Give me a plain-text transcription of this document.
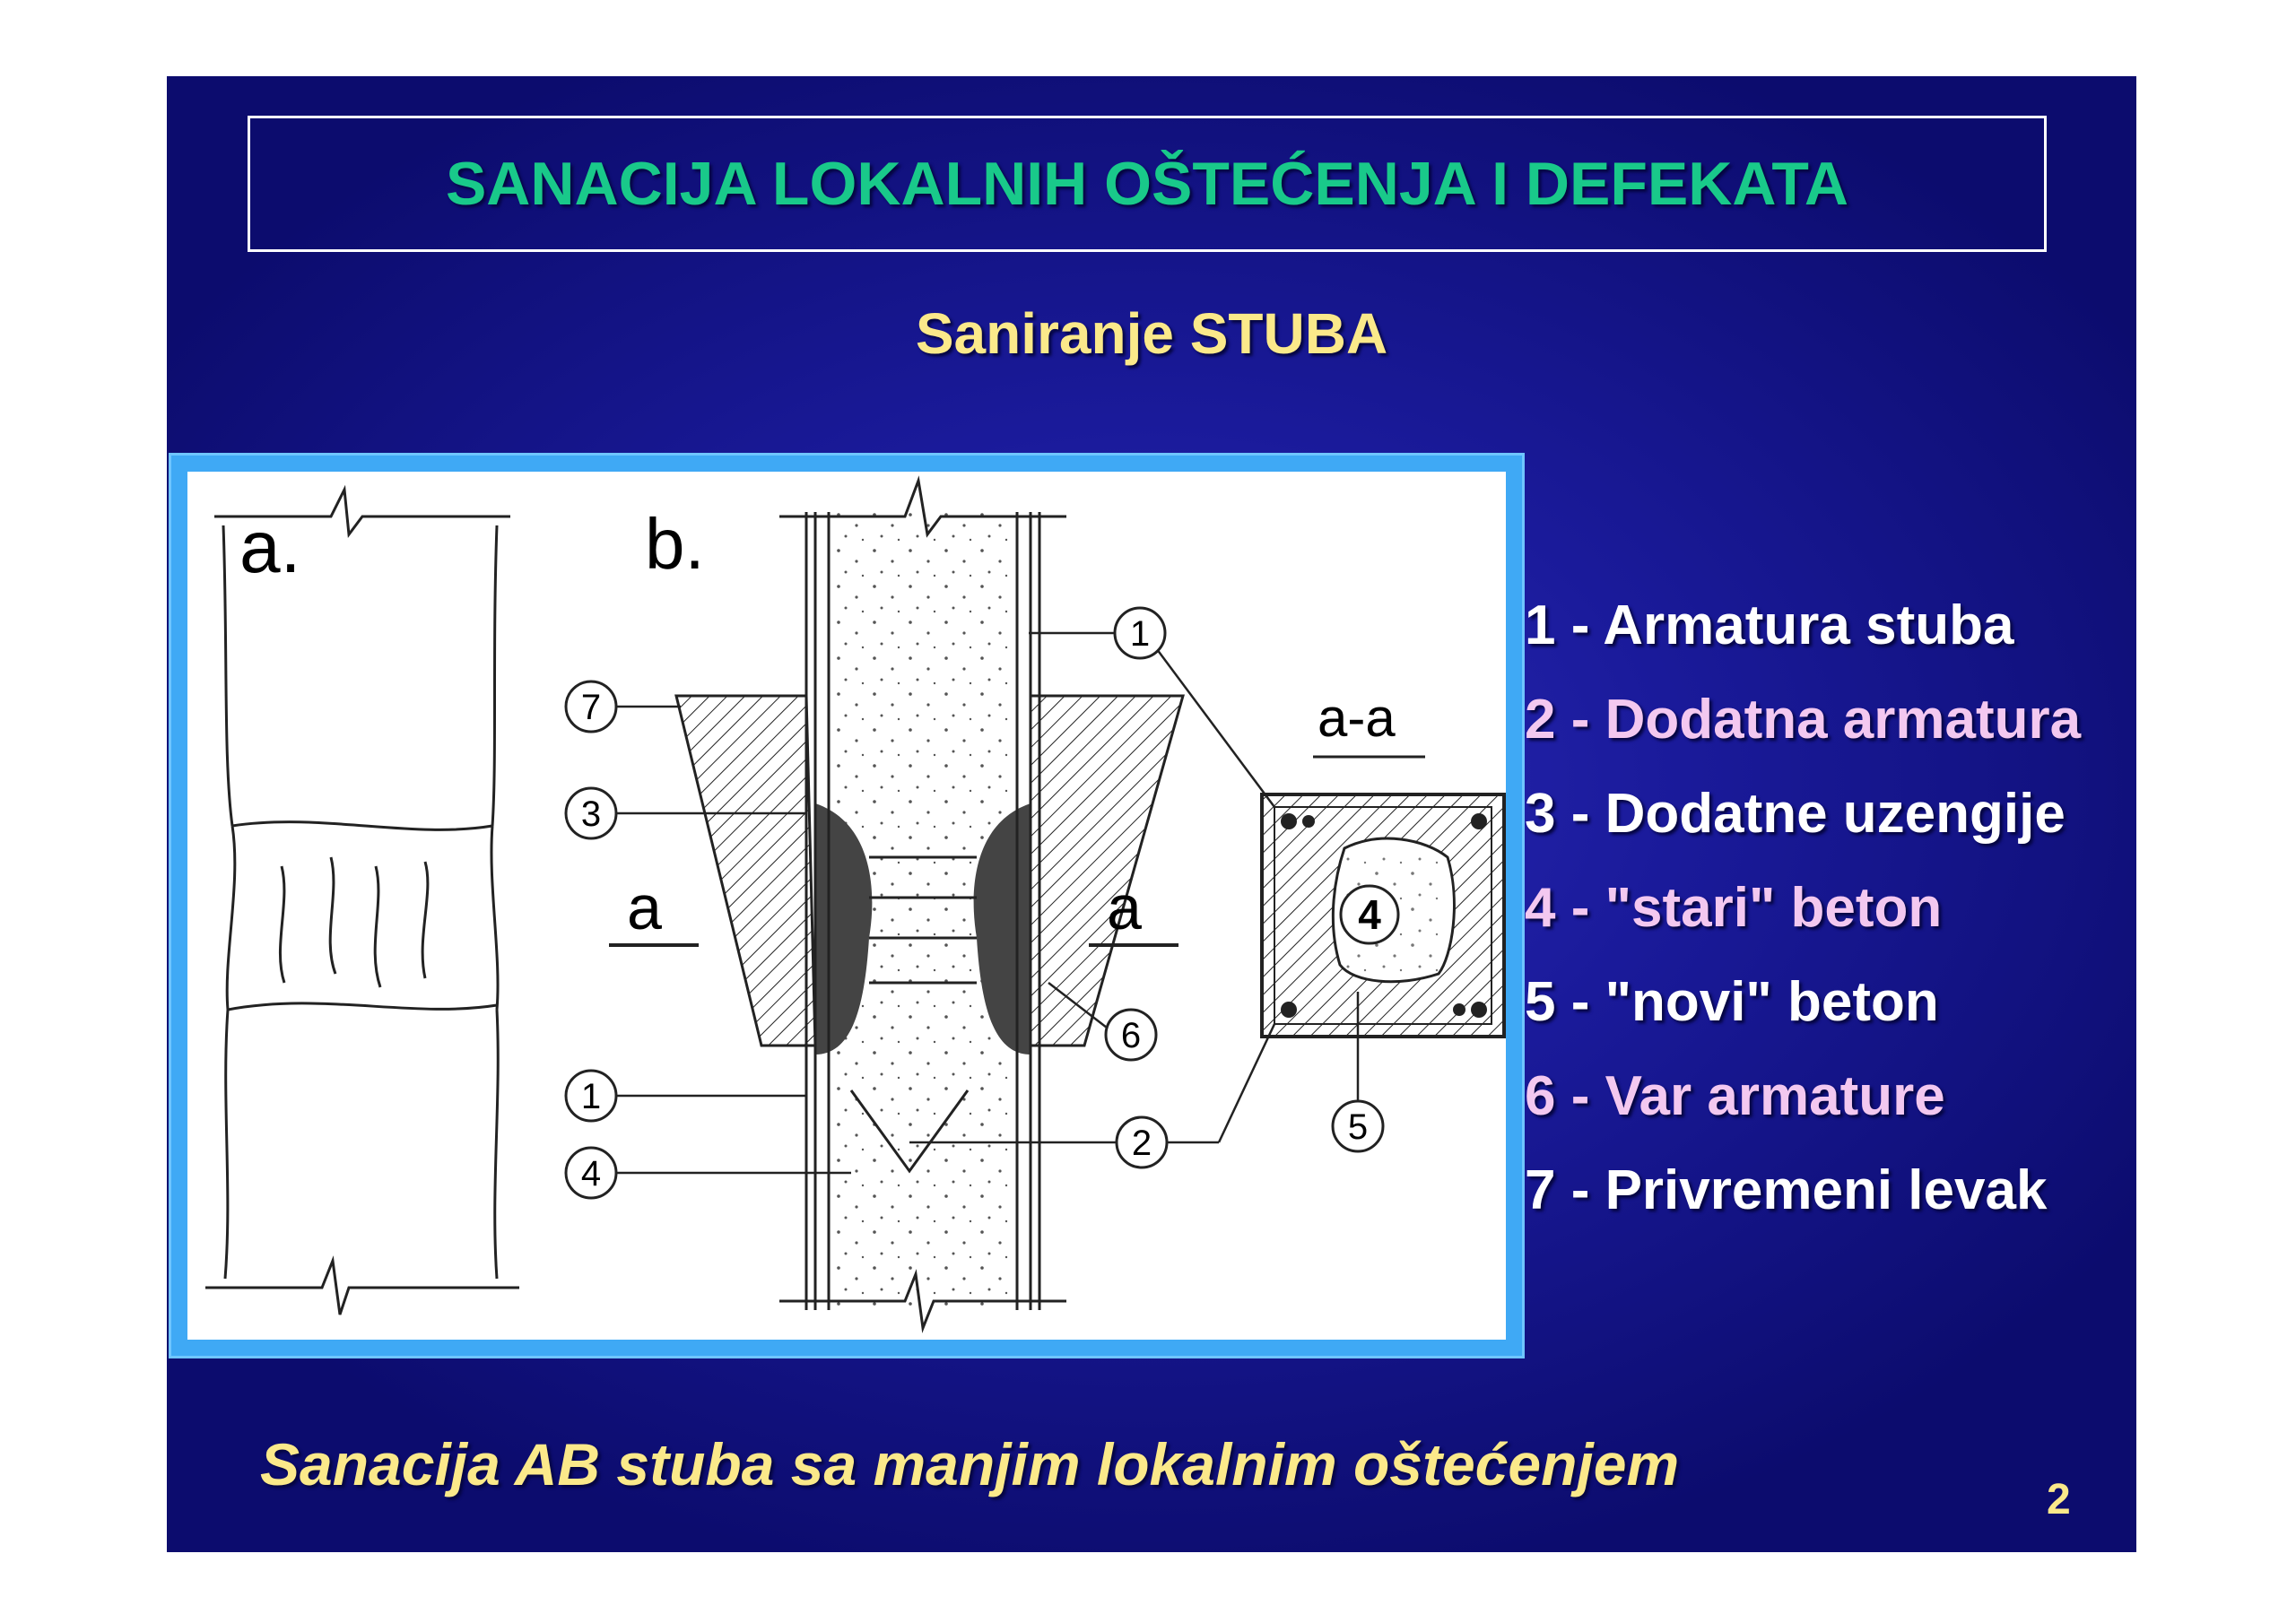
SANACIJA LOKALNIH OŠTEĆENJA I DEFEKATA
Saniranje STUBA
a.	b.
a	a
a-a
1
7
3
1
4
6
2
4
5
1 - Armatura stuba
2 - Dodatna armatura
3 - Dodatne uzengije
4 - "stari" beton
5 - "novi" beton
6 - Var armature
7 - Privremeni levak
Sanacija AB stuba sa manjim lokalnim oštećenjem
2
